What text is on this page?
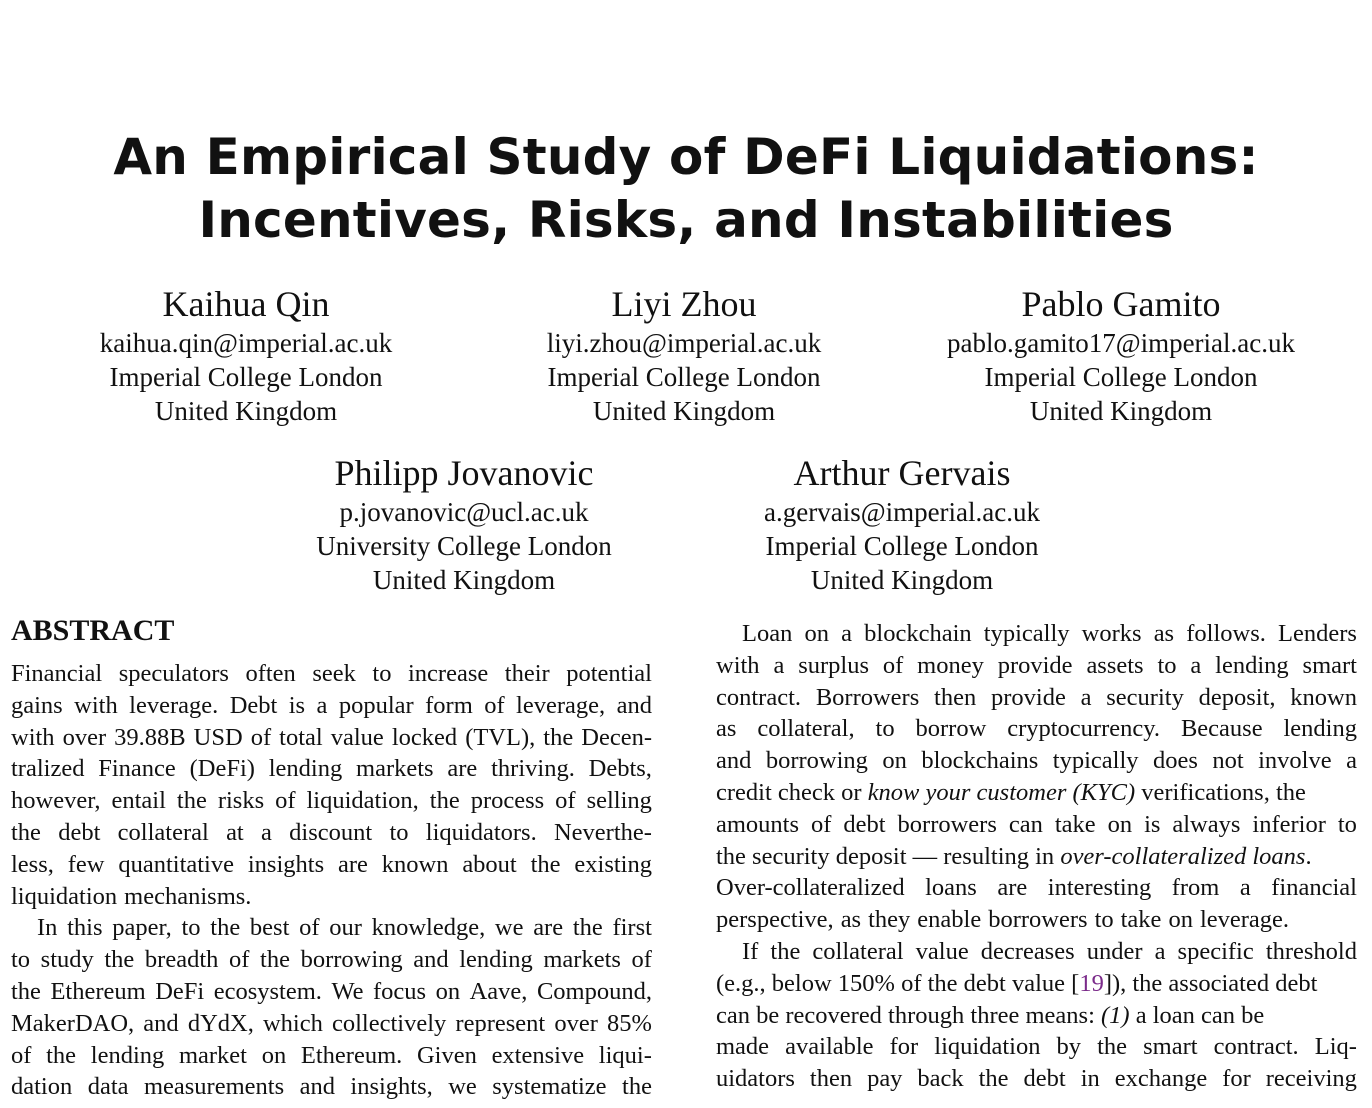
An Empirical Study of DeFi Liquidations:
Incentives, Risks, and Instabilities
Kaihua Qin
kaihua.qin@imperial.ac.uk
Imperial College London
United Kingdom
Liyi Zhou
liyi.zhou@imperial.ac.uk
Imperial College London
United Kingdom
Pablo Gamito
pablo.gamito17@imperial.ac.uk
Imperial College London
United Kingdom
Philipp Jovanovic
p.jovanovic@ucl.ac.uk
University College London
United Kingdom
Arthur Gervais
a.gervais@imperial.ac.uk
Imperial College London
United Kingdom
ABSTRACT
Financial speculators often seek to increase their potential
gains with leverage. Debt is a popular form of leverage, and
with over 39.88B USD of total value locked (TVL), the Decen-
tralized Finance (DeFi) lending markets are thriving. Debts,
however, entail the risks of liquidation, the process of selling
the debt collateral at a discount to liquidators. Neverthe-
less, few quantitative insights are known about the existing
liquidation mechanisms.
In this paper, to the best of our knowledge, we are the first
to study the breadth of the borrowing and lending markets of
the Ethereum DeFi ecosystem. We focus on Aave, Compound,
MakerDAO, and dYdX, which collectively represent over 85%
of the lending market on Ethereum. Given extensive liqui-
dation data measurements and insights, we systematize the
Loan on a blockchain typically works as follows. Lenders
with a surplus of money provide assets to a lending smart
contract. Borrowers then provide a security deposit, known
as collateral, to borrow cryptocurrency. Because lending
and borrowing on blockchains typically does not involve a
credit check or know your customer (KYC) verifications, the
amounts of debt borrowers can take on is always inferior to
the security deposit — resulting in over-collateralized loans .
Over-collateralized loans are interesting from a financial
perspective, as they enable borrowers to take on leverage.
If the collateral value decreases under a specific threshold
(e.g., below 150% of the debt value [ 19 ]), the associated debt
can be recovered through three means: (1) a loan can be
made available for liquidation by the smart contract. Liq-
uidators then pay back the debt in exchange for receiving
